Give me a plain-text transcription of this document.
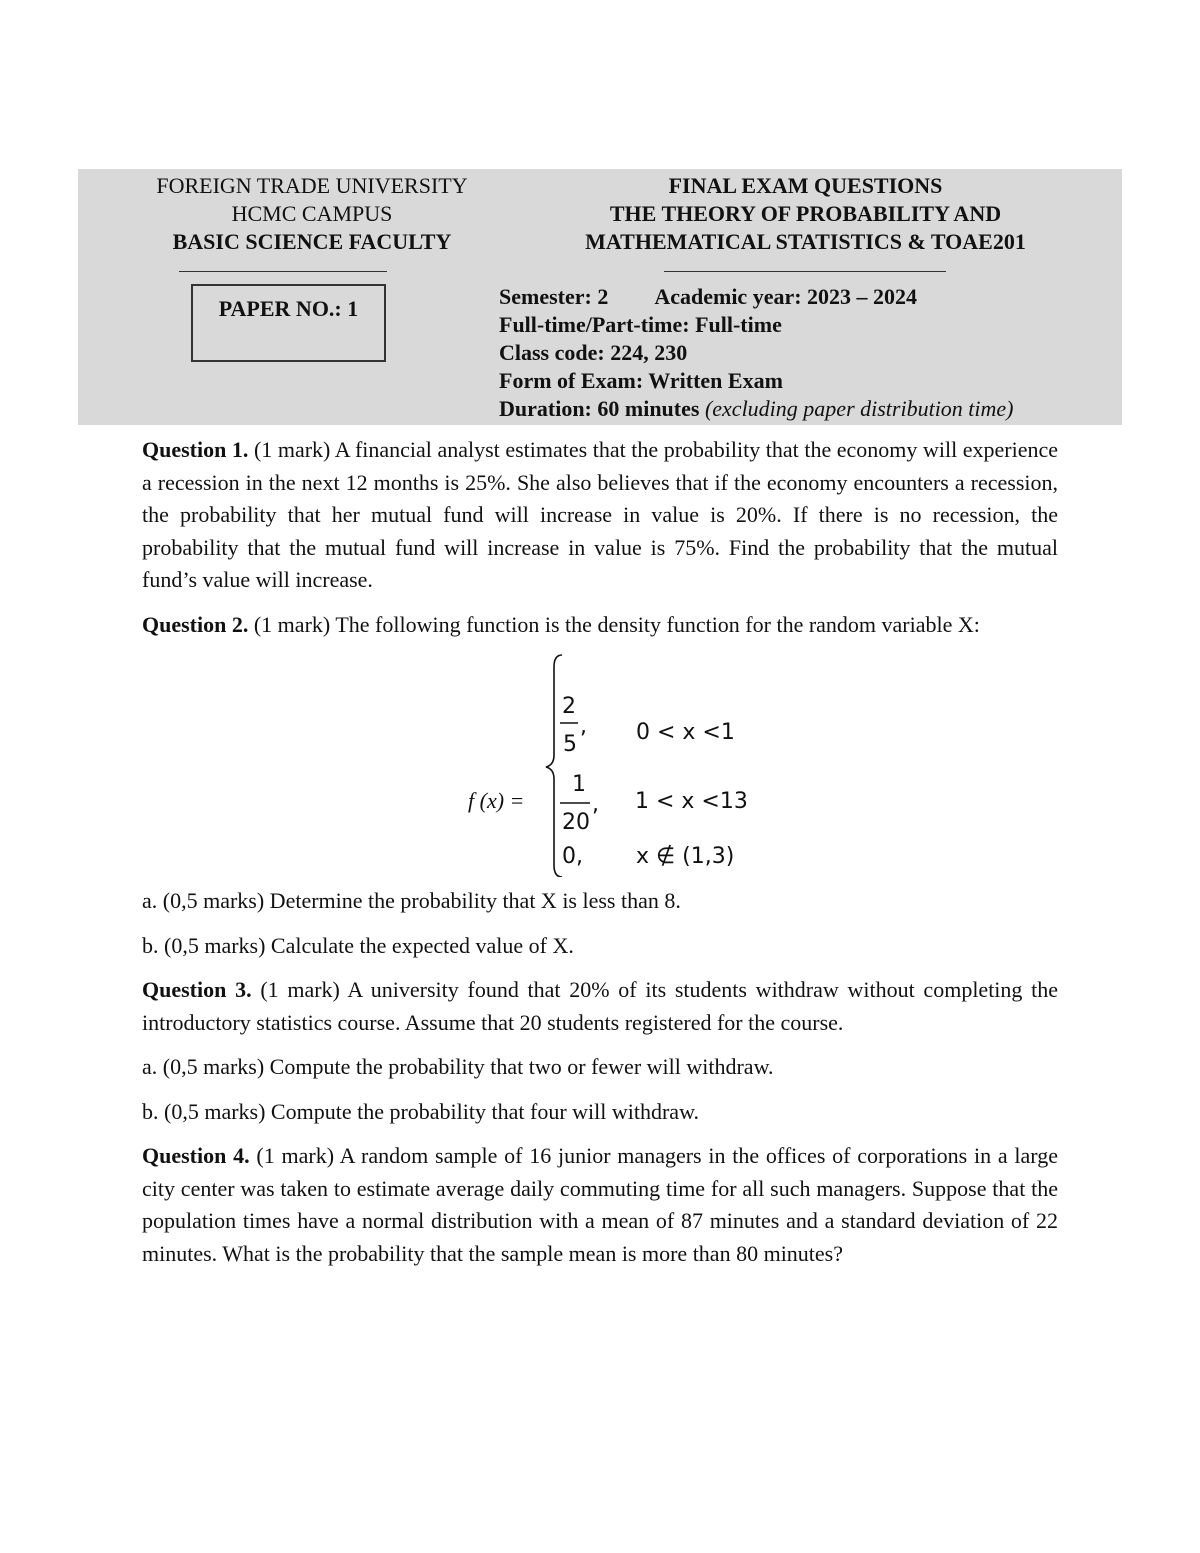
FOREIGN TRADE UNIVERSITY
HCMC CAMPUS
BASIC SCIENCE FACULTY
PAPER NO.: 1
FINAL EXAM QUESTIONS
THE THEORY OF PROBABILITY AND
MATHEMATICAL STATISTICS & TOAE201
Semester: 2 Academic year: 2023 – 2024
Full-time/Part-time: Full-time
Class code: 224, 230
Form of Exam: Written Exam
Duration: 60 minutes (excluding paper distribution time)

Question 1. (1 mark) A financial analyst estimates that the probability that the economy will experience a recession in the next 12 months is 25%. She also believes that if the economy encounters a recession, the probability that her mutual fund will increase in value is 20%. If there is no recession, the probability that the mutual fund will increase in value is 75%. Find the probability that the mutual fund’s value will increase.

Question 2. (1 mark) The following function is the density function for the random variable X:

f (x) =
2
5
, 0 < x <1
1
20
, 1 < x <13
0, x ∉ (1,3)

a. (0,5 marks) Determine the probability that X is less than 8.

b. (0,5 marks) Calculate the expected value of X.

Question 3. (1 mark) A university found that 20% of its students withdraw without completing the introductory statistics course. Assume that 20 students registered for the course.

a. (0,5 marks) Compute the probability that two or fewer will withdraw.

b. (0,5 marks) Compute the probability that four will withdraw.

Question 4. (1 mark) A random sample of 16 junior managers in the offices of corporations in a large city center was taken to estimate average daily commuting time for all such managers. Suppose that the population times have a normal distribution with a mean of 87 minutes and a standard deviation of 22 minutes. What is the probability that the sample mean is more than 80 minutes?
